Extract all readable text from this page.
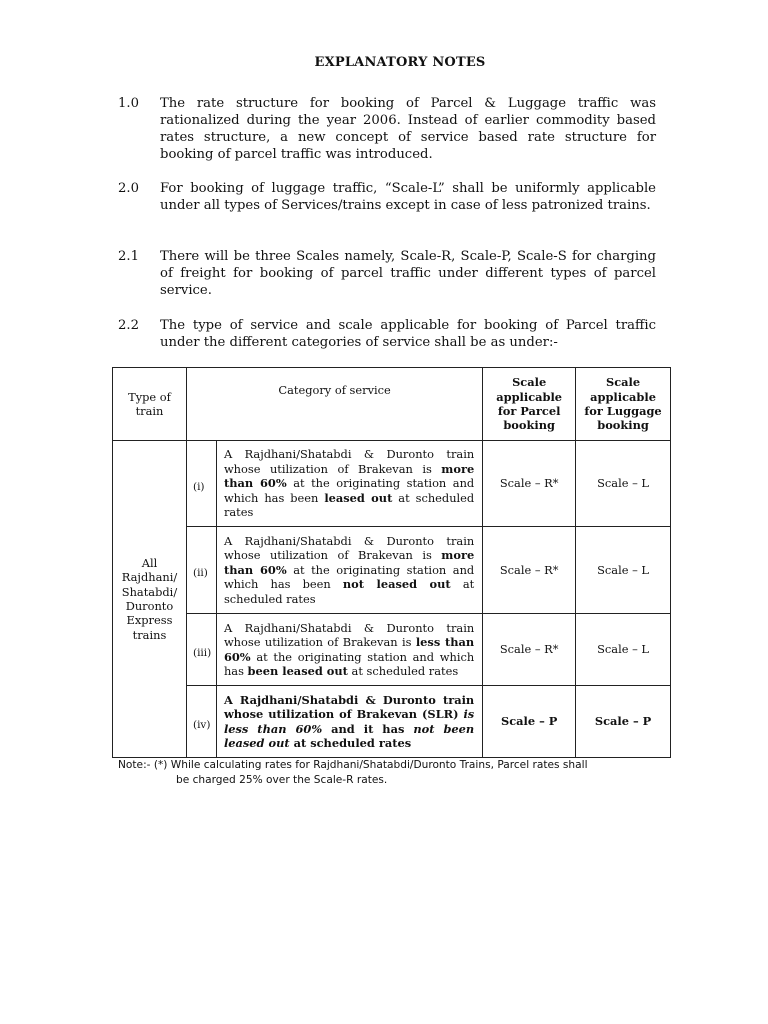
EXPLANATORY NOTES
1.0 The rate structure for booking of Parcel & Luggage traffic was rationalized during the year 2006. Instead of earlier commodity based rates structure, a new concept of service based rate structure for booking of parcel traffic was introduced.
2.0 For booking of luggage traffic, “Scale-L” shall be uniformly applicable under all types of Services/trains except in case of less patronized trains.
2.1 There will be three Scales namely, Scale-R, Scale-P, Scale-S for charging of freight for booking of parcel traffic under different types of parcel service.
2.2 The type of service and scale applicable for booking of Parcel traffic under the different categories of service shall be as under:-
Type of train	Category of service		Scale applicable for Parcel booking	Scale applicable for Luggage booking
All Rajdhani/ Shatabdi/ Duronto Express trains	(i)	A Rajdhani/Shatabdi & Duronto train whose utilization of Brakevan is more than 60% at the originating station and which has been leased out at scheduled rates	Scale – R*	Scale – L
	(ii)	A Rajdhani/Shatabdi & Duronto train whose utilization of Brakevan is more than 60% at the originating station and which has been not leased out at scheduled rates	Scale – R*	Scale – L
	(iii)	A Rajdhani/Shatabdi & Duronto train whose utilization of Brakevan is less than 60% at the originating station and which has been leased out at scheduled rates	Scale – R*	Scale – L
	(iv)	A Rajdhani/Shatabdi & Duronto train whose utilization of Brakevan (SLR) is less than 60% and it has not been leased out at scheduled rates	Scale – P	Scale – P
Note:- (*) While calculating rates for Rajdhani/Shatabdi/Duronto Trains, Parcel rates shall
be charged 25% over the Scale-R rates.
